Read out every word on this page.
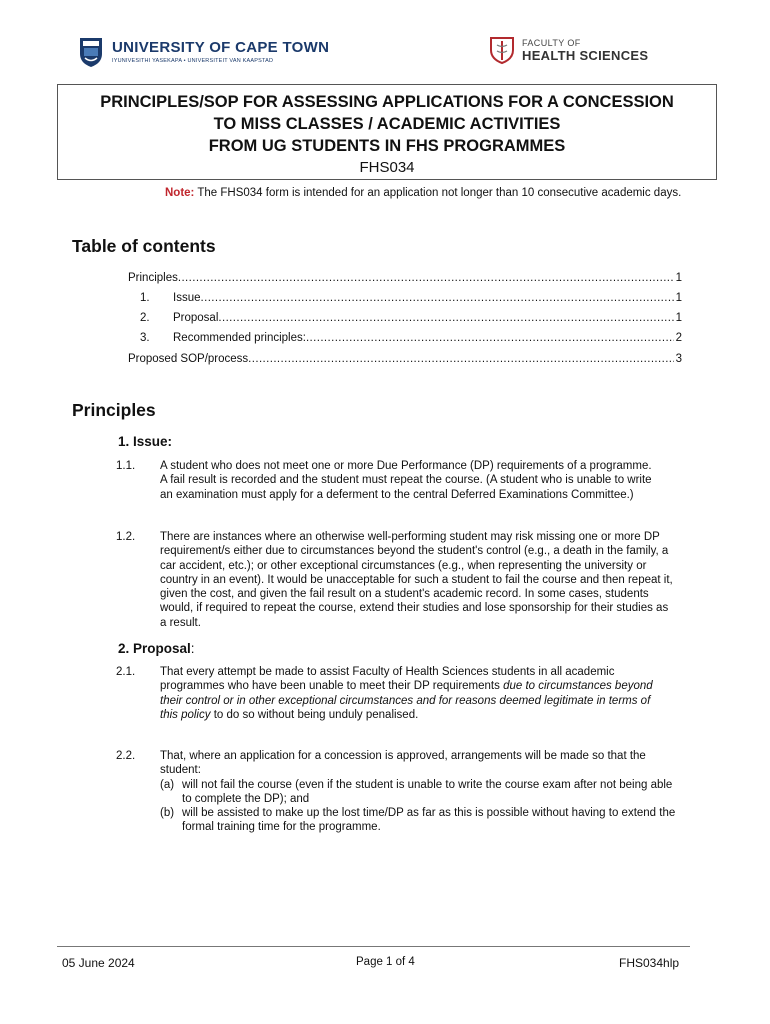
UNIVERSITY OF CAPE TOWN
IYUNIVESITHI YASEKAPA • UNIVERSITEIT VAN KAAPSTAD
FACULTY OF
HEALTH SCIENCES
PRINCIPLES/SOP FOR ASSESSING APPLICATIONS FOR A CONCESSION
TO MISS CLASSES / ACADEMIC ACTIVITIES
FROM UG STUDENTS IN FHS PROGRAMMES
FHS034
Note: The FHS034 form is intended for an application not longer than 10 consecutive academic days.
Table of contents
Principles .....	1
1.	Issue .....	1
2.	Proposal .....	1
3.	Recommended principles: .....	2
Proposed SOP/process .....	3
Principles
1. Issue:
1.1. A student who does not meet one or more Due Performance (DP) requirements of a programme. A fail result is recorded and the student must repeat the course. (A student who is unable to write an examination must apply for a deferment to the central Deferred Examinations Committee.)
1.2. There are instances where an otherwise well-performing student may risk missing one or more DP requirement/s either due to circumstances beyond the student's control (e.g., a death in the family, a car accident, etc.); or other exceptional circumstances (e.g., when representing the university or country in an event). It would be unacceptable for such a student to fail the course and then repeat it, given the cost, and given the fail result on a student's academic record. In some cases, students would, if required to repeat the course, extend their studies and lose sponsorship for their studies as a result.
2. Proposal:
2.1. That every attempt be made to assist Faculty of Health Sciences students in all academic programmes who have been unable to meet their DP requirements due to circumstances beyond their control or in other exceptional circumstances and for reasons deemed legitimate in terms of this policy to do so without being unduly penalised.
2.2. That, where an application for a concession is approved, arrangements will be made so that the student:
(a) will not fail the course (even if the student is unable to write the course exam after not being able to complete the DP); and
(b) will be assisted to make up the lost time/DP as far as this is possible without having to extend the formal training time for the programme.
05 June 2024	Page 1 of 4	FHS034hlp
